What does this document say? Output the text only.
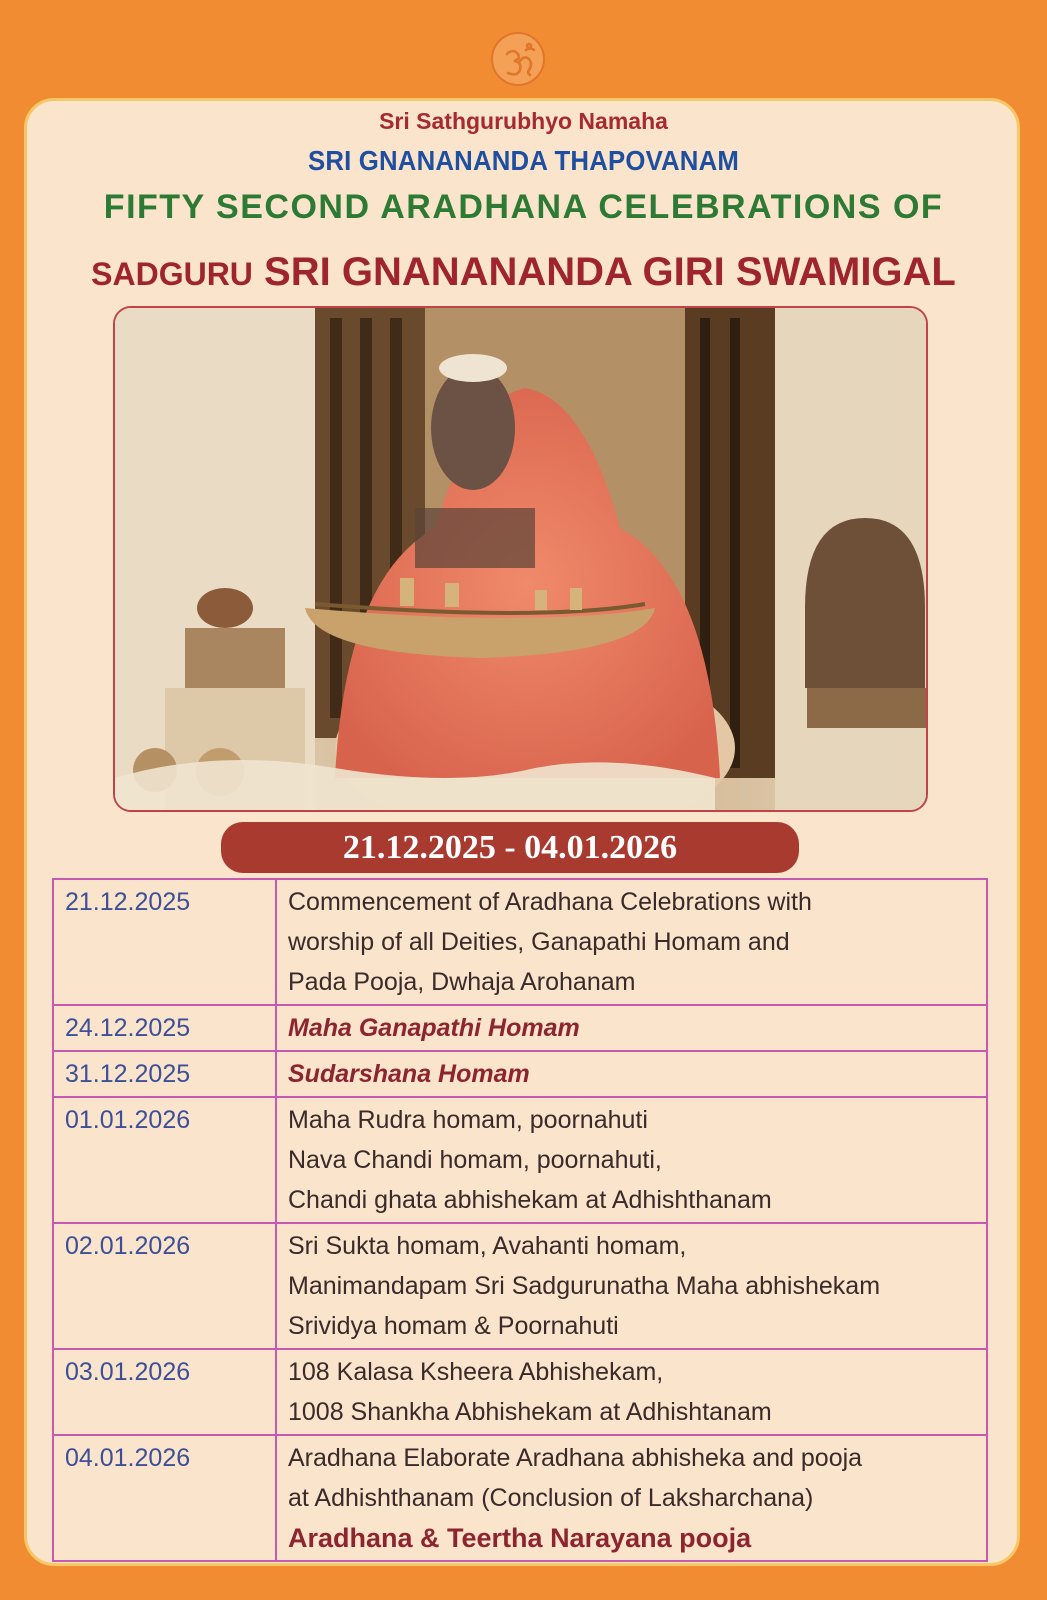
Sri Sathgurubhyo Namaha
SRI GNANANANDA THAPOVANAM
FIFTY SECOND ARADHANA CELEBRATIONS OF
SADGURU SRI GNANANANDA GIRI SWAMIGAL
21.12.2025 - 04.01.2026
21.12.2025	Commencement of Aradhana Celebrations with
worship of all Deities, Ganapathi Homam and
Pada Pooja, Dwhaja Arohanam

24.12.2025	Maha Ganapathi Homam

31.12.2025	Sudarshana Homam

01.01.2026	Maha Rudra homam, poornahuti
Nava Chandi homam, poornahuti,
Chandi ghata abhishekam at Adhishthanam

02.01.2026	Sri Sukta homam, Avahanti homam,
Manimandapam Sri Sadgurunatha Maha abhishekam
Srividya homam & Poornahuti

03.01.2026	108 Kalasa Ksheera Abhishekam,
1008 Shankha Abhishekam at Adhishtanam

04.01.2026	Aradhana Elaborate Aradhana abhisheka and pooja
at Adhishthanam (Conclusion of Laksharchana)
Aradhana & Teertha Narayana pooja
